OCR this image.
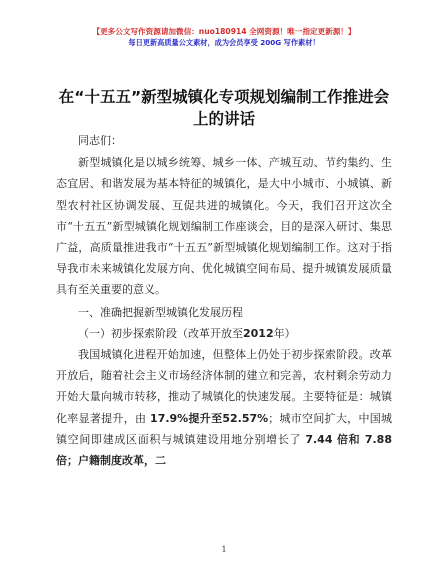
【更多公文写作资源请加微信：nuo180914 全网资源！唯一指定更新源！】
每日更新高质量公文素材，成为会员享受 200G 写作素材！
在“十五五”新型城镇化专项规划编制工作推进会上的讲话

同志们：

新型城镇化是以城乡统筹、城乡一体、产城互动、节约集约、生态宜居、和谐发展为基本特征的城镇化，是大中小城市、小城镇、新型农村社区协调发展、互促共进的城镇化。今天，我们召开这次全市“十五五”新型城镇化规划编制工作座谈会，目的是深入研讨、集思广益，高质量推进我市“十五五”新型城镇化规划编制工作。这对于指导我市未来城镇化发展方向、优化城镇空间布局、提升城镇发展质量具有至关重要的意义。

一、准确把握新型城镇化发展历程

（一）初步探索阶段（改革开放至2012年）

我国城镇化进程开始加速，但整体上仍处于初步探索阶段。改革开放后，随着社会主义市场经济体制的建立和完善，农村剩余劳动力开始大量向城市转移，推动了城镇化的快速发展。主要特征是：城镇化率显著提升，由 17.9%提升至52.57%；城市空间扩大，中国城镇空间即建成区面积与城镇建设用地分别增长了 7.44 倍和 7.88 倍；户籍制度改革，二

1
